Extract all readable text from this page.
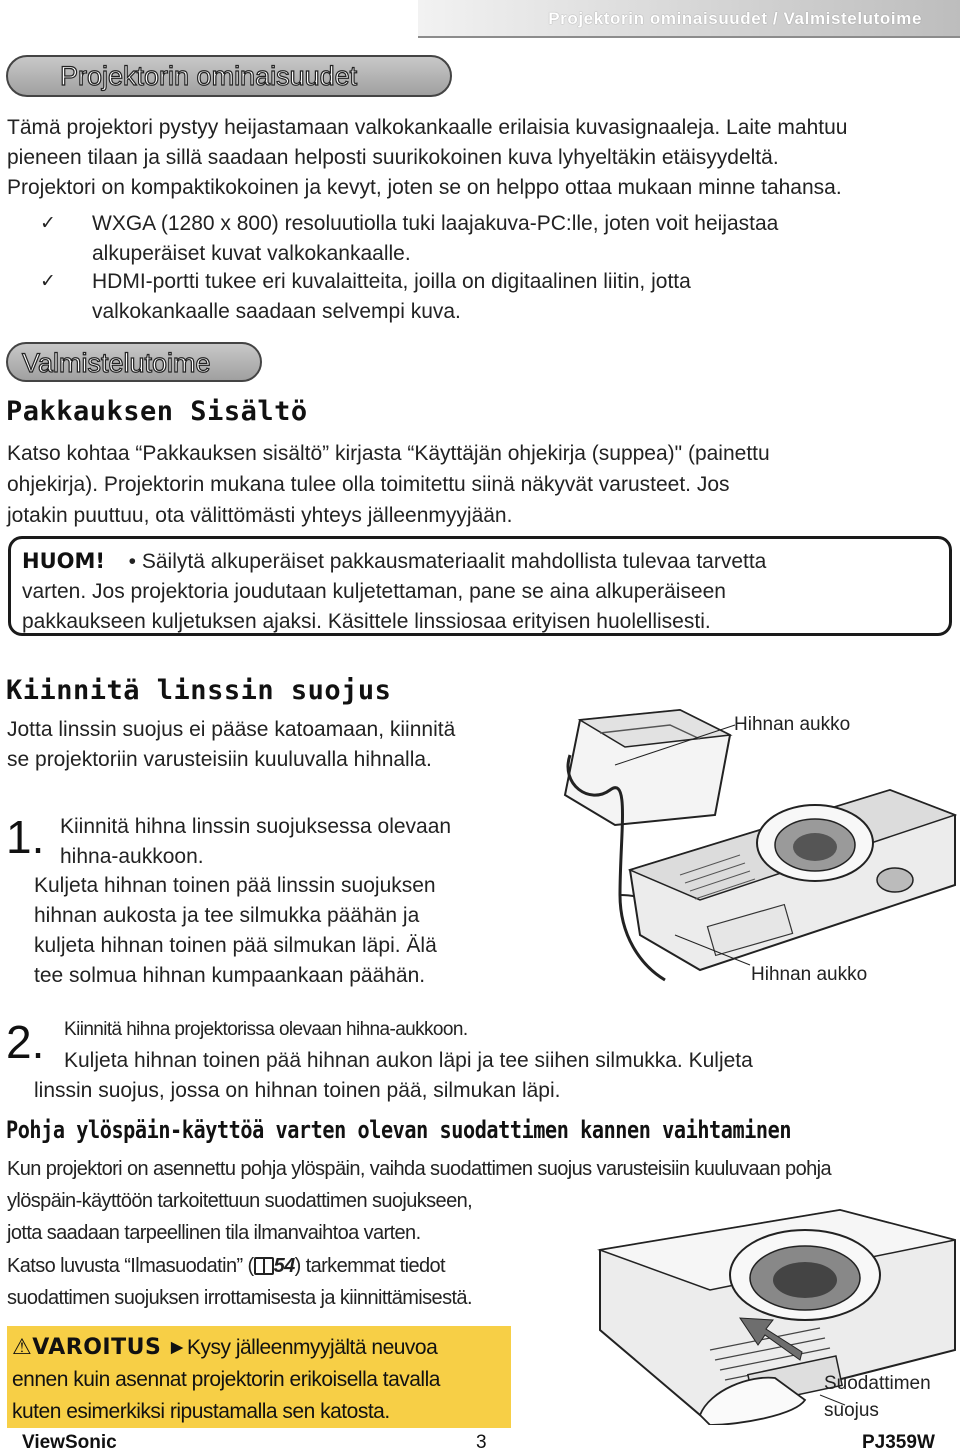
Projektorin ominaisuudet / Valmistelutoime
Projektorin ominaisuudet
Tämä projektori pystyy heijastamaan valkokankaalle erilaisia kuvasignaaleja. Laite mahtuu
pieneen tilaan ja sillä saadaan helposti suurikokoinen kuva lyhyeltäkin etäisyydeltä.
Projektori on kompaktikokoinen ja kevyt, joten se on helppo ottaa mukaan minne tahansa.
✓ WXGA (1280 x 800) resoluutiolla tuki laajakuva-PC:lle, joten voit heijastaa
alkuperäiset kuvat valkokankaalle.
✓ HDMI-portti tukee eri kuvalaitteita, joilla on digitaalinen liitin, jotta
valkokankaalle saadaan selvempi kuva.
Valmistelutoime
Pakkauksen Sisältö
Katso kohtaa “Pakkauksen sisältö” kirjasta “Käyttäjän ohjekirja (suppea)" (painettu
ohjekirja). Projektorin mukana tulee olla toimitettu siinä näkyvät varusteet. Jos
jotakin puuttuu, ota välittömästi yhteys jälleenmyyjään.
HUOM! • Säilytä alkuperäiset pakkausmateriaalit mahdollista tulevaa tarvetta
varten. Jos projektoria joudutaan kuljetettaman, pane se aina alkuperäiseen
pakkaukseen kuljetuksen ajaksi. Käsittele linssiosaa erityisen huolellisesti.
Kiinnitä linssin suojus
Jotta linssin suojus ei pääse katoamaan, kiinnitä
se projektoriin varusteisiin kuuluvalla hihnalla.
Hihnan aukko
Hihnan aukko
1. Kiinnitä hihna linssin suojuksessa olevaan
hihna-aukkoon.
Kuljeta hihnan toinen pää linssin suojuksen
hihnan aukosta ja tee silmukka päähän ja
kuljeta hihnan toinen pää silmukan läpi. Älä
tee solmua hihnan kumpaankaan päähän.
2. Kiinnitä hihna projektorissa olevaan hihna-aukkoon.
Kuljeta hihnan toinen pää hihnan aukon läpi ja tee siihen silmukka. Kuljeta
linssin suojus, jossa on hihnan toinen pää, silmukan läpi.
Pohja ylöspäin-käyttöä varten olevan suodattimen kannen vaihtaminen
Kun projektori on asennettu pohja ylöspäin, vaihda suodattimen suojus varusteisiin kuuluvaan pohja
ylöspäin-käyttöön tarkoitettuun suodattimen suojukseen,
jotta saadaan tarpeellinen tila ilmanvaihtoa varten.
Katso luvusta “Ilmasuodatin” ( 54) tarkemmat tiedot
suodattimen suojuksen irrottamisesta ja kiinnittämisestä.
Suodattimen
suojus
⚠VAROITUS ►Kysy jälleenmyyjältä neuvoa
ennen kuin asennat projektorin erikoisella tavalla
kuten esimerkiksi ripustamalla sen katosta.
ViewSonic	3	PJ359W
